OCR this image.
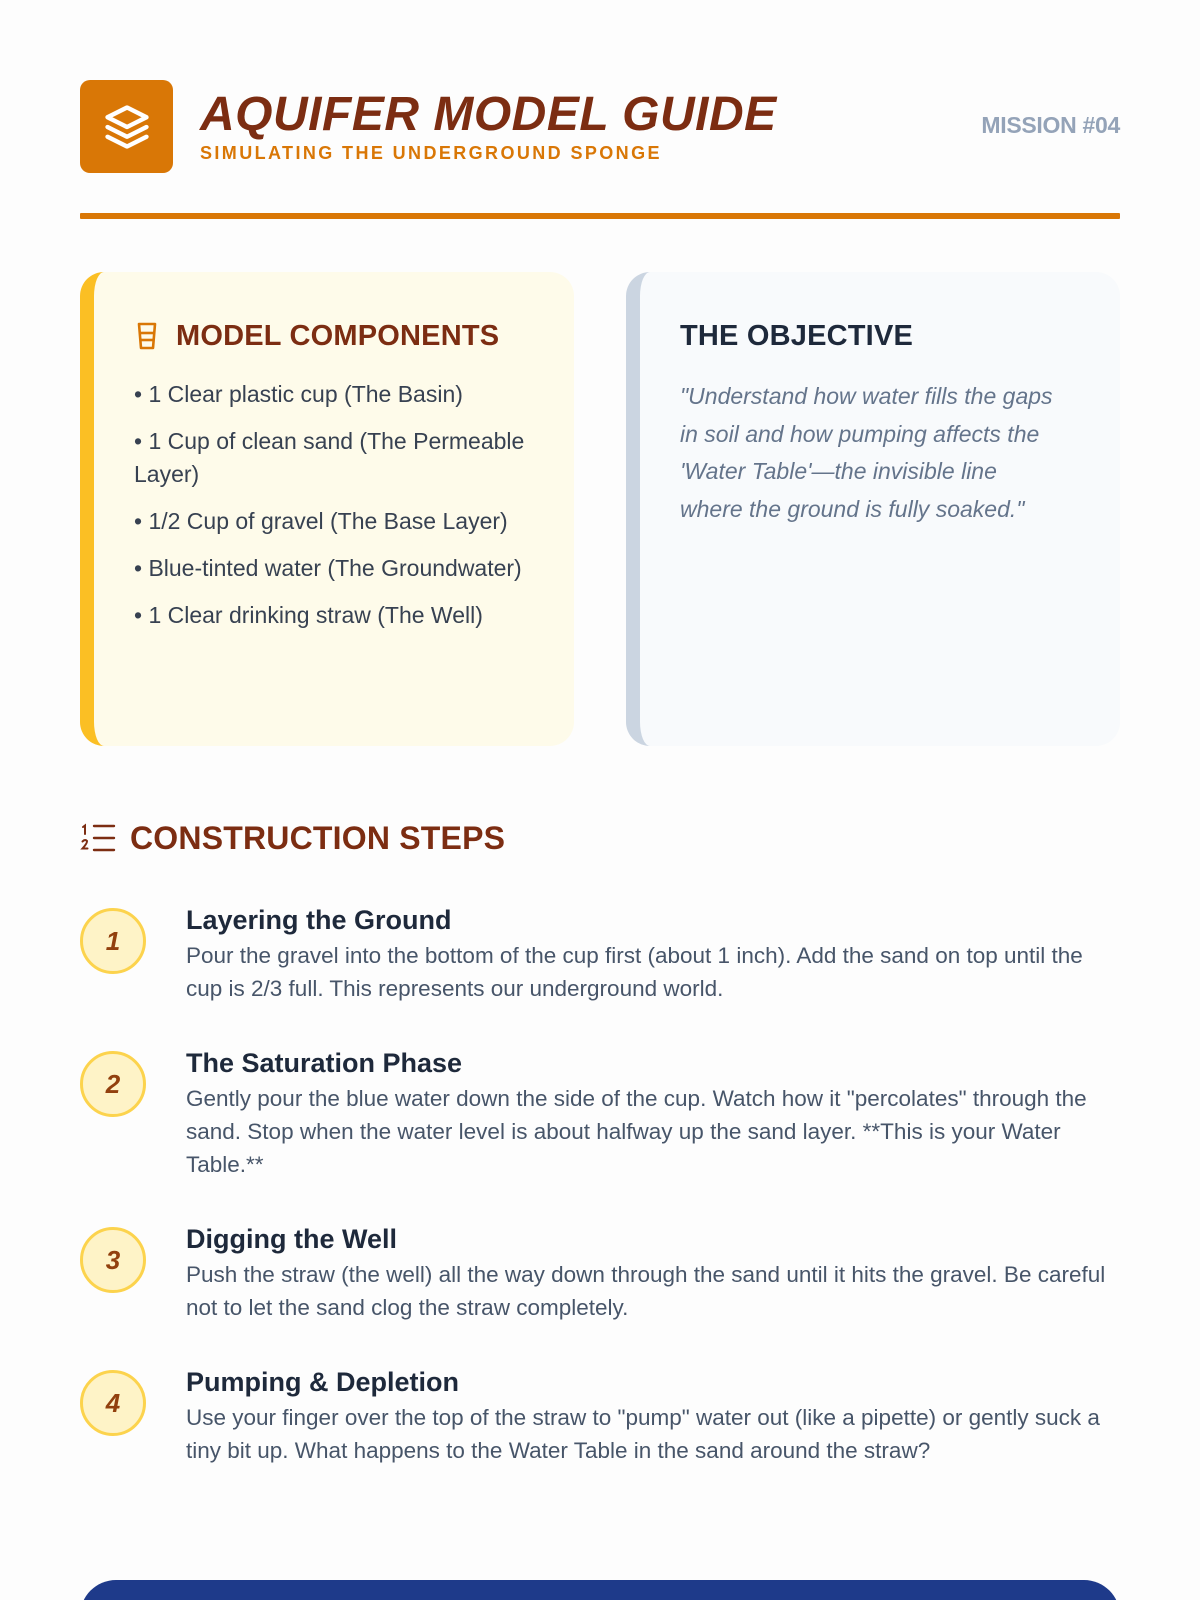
AQUIFER MODEL GUIDE
SIMULATING THE UNDERGROUND SPONGE
MISSION #04
MODEL COMPONENTS
• 1 Clear plastic cup (The Basin)
• 1 Cup of clean sand (The Permeable Layer)
• 1/2 Cup of gravel (The Base Layer)
• Blue-tinted water (The Groundwater)
• 1 Clear drinking straw (The Well)
THE OBJECTIVE

"Understand how water fills the gaps in soil and how pumping affects the 'Water Table'—the invisible line where the ground is fully soaked."

CONSTRUCTION STEPS
1
Layering the Ground
Pour the gravel into the bottom of the cup first (about 1 inch). Add the sand on top until the cup is 2/3 full. This represents our underground world.
2
The Saturation Phase
Gently pour the blue water down the side of the cup. Watch how it "percolates" through the sand. Stop when the water level is about halfway up the sand layer. **This is your Water Table.**
3
Digging the Well
Push the straw (the well) all the way down through the sand until it hits the gravel. Be careful not to let the sand clog the straw completely.
4
Pumping & Depletion
Use your finger over the top of the straw to "pump" water out (like a pipette) or gently suck a tiny bit up. What happens to the Water Table in the sand around the straw?
